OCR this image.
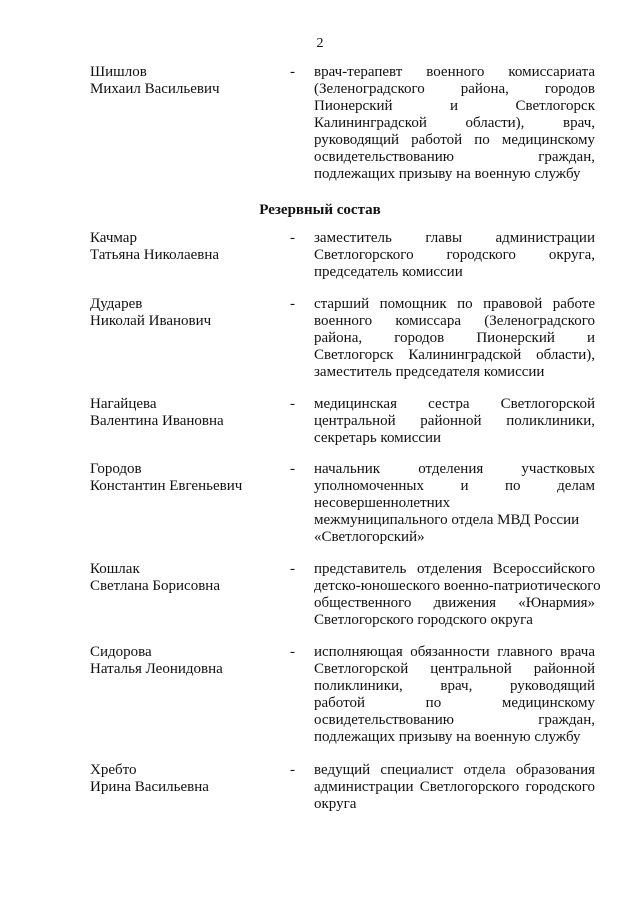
2
Шишлов
Михаил Васильевич
- врач-терапевт военного комиссариата
(Зеленоградского района, городов
Пионерский и Светлогорск
Калининградской области), врач,
руководящий работой по медицинскому
освидетельствованию граждан,
подлежащих призыву на военную службу
Резервный состав
Качмар
Татьяна Николаевна
- заместитель главы администрации
Светлогорского городского округа,
председатель комиссии
Дударев
Николай Иванович
- старший помощник по правовой работе
военного комиссара (Зеленоградского
района, городов Пионерский и
Светлогорск Калининградской области),
заместитель председателя комиссии
Нагайцева
Валентина Ивановна
- медицинская сестра Светлогорской
центральной районной поликлиники,
секретарь комиссии
Городов
Константин Евгеньевич
- начальник отделения участковых
уполномоченных и по делам
несовершеннолетних
межмуниципального отдела МВД России
«Светлогорский»
Кошлак
Светлана Борисовна
- представитель отделения Всероссийского
детско-юношеского военно-патриотического
общественного движения «Юнармия»
Светлогорского городского округа
Сидорова
Наталья Леонидовна
- исполняющая обязанности главного врача
Светлогорской центральной районной
поликлиники, врач, руководящий
работой по медицинскому
освидетельствованию граждан,
подлежащих призыву на военную службу
Хребто
Ирина Васильевна
- ведущий специалист отдела образования
администрации Светлогорского городского
округа
